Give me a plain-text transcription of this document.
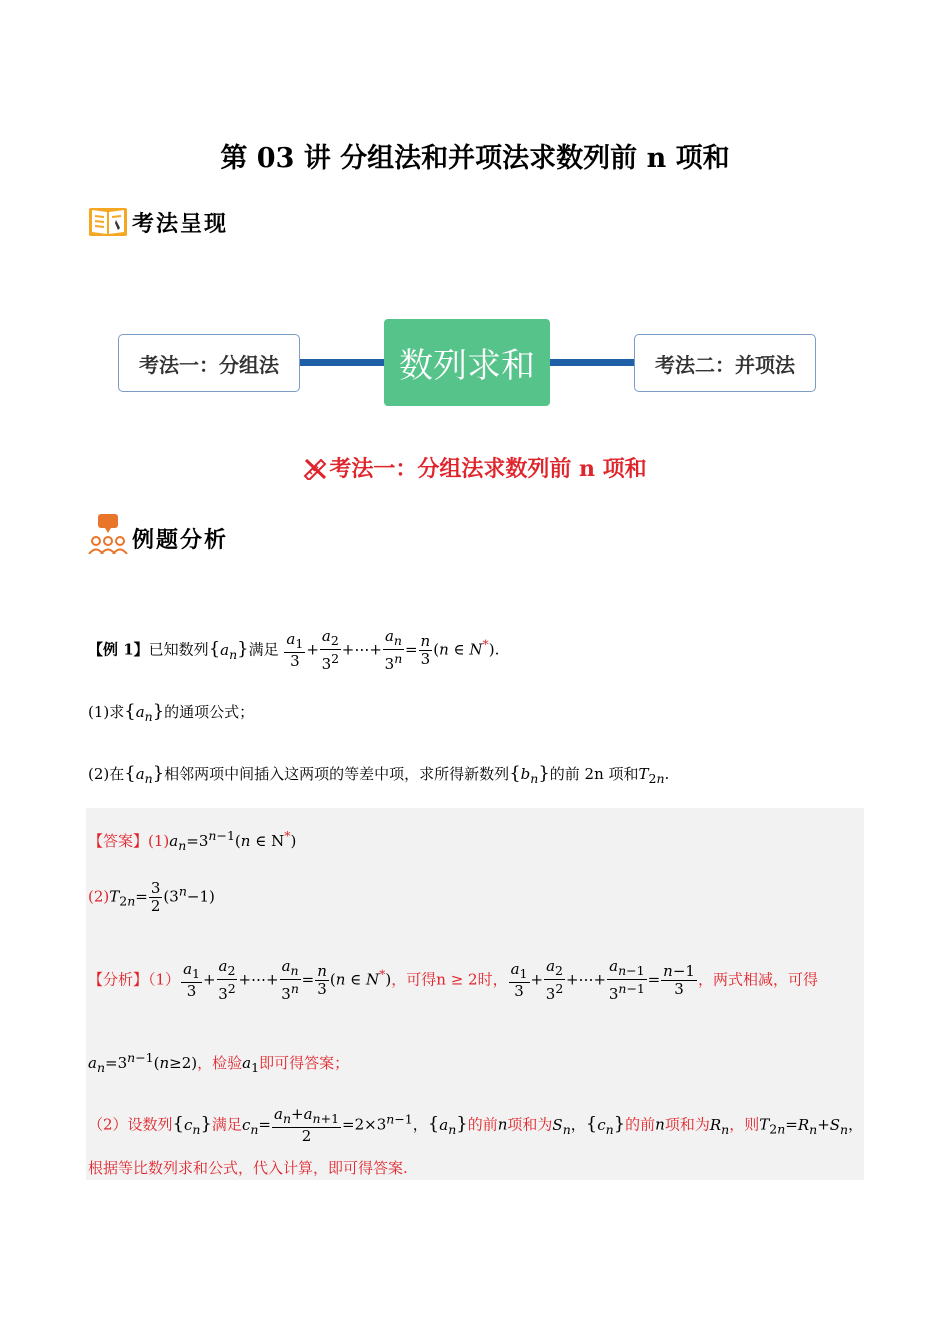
第 03 讲 分组法和并项法求数列前 n 项和
考法呈现
考法一：分组法	数列求和	考法二：并项法
考法一：分组法求数列前 n 项和
例题分析
【例 1】已知数列$\{a_n\}$满足 $\frac{a_1}{3} + \frac{a_2}{3^2}$ +⋯+ $\frac{a_n}{3^n} = \frac{n}{3} (n$ ∈ N*).
(1)求$\{a_n\}$的通项公式；
(2)在$\{a_n\}$相邻两项中间插入这两项的等差中项，求所得新数列$\{b_n\}$的前 2n 项和$T_{2n}$.
【答案】$(1)a_n=3^{n-1}(n$ ∈ N*)
$(2)T_{2n}= \frac{3}{2} (3^n-1)$
【分析】$(1) \frac{a_1}{3} + \frac{a_2}{3^2}$ +⋯+ $\frac{a_n}{3^n} = \frac{n}{3} (n$ ∈ N*)，可得n ≥ 2时， $\frac{a_1}{3} + \frac{a_2}{3^2}$ +⋯+ $\frac{a_{n-1}}{3^{n-1}} = \frac{n-1}{3}$ ，两式相减，可得
$a_n=3^{n-1}(n\ge 2)$，检验$a_1$即可得答案；
（2）设数列$\{c_n\}$满足$c_n= \frac{a_n+a_{n+1}}{2} =2\times 3^{n-1}$，$\{a_n\}$的前n项和为$S_n$，$\{c_n\}$的前n项和为$R_n$，则$T_{2n}=R_n+S_n$，
根据等比数列求和公式，代入计算，即可得答案.
